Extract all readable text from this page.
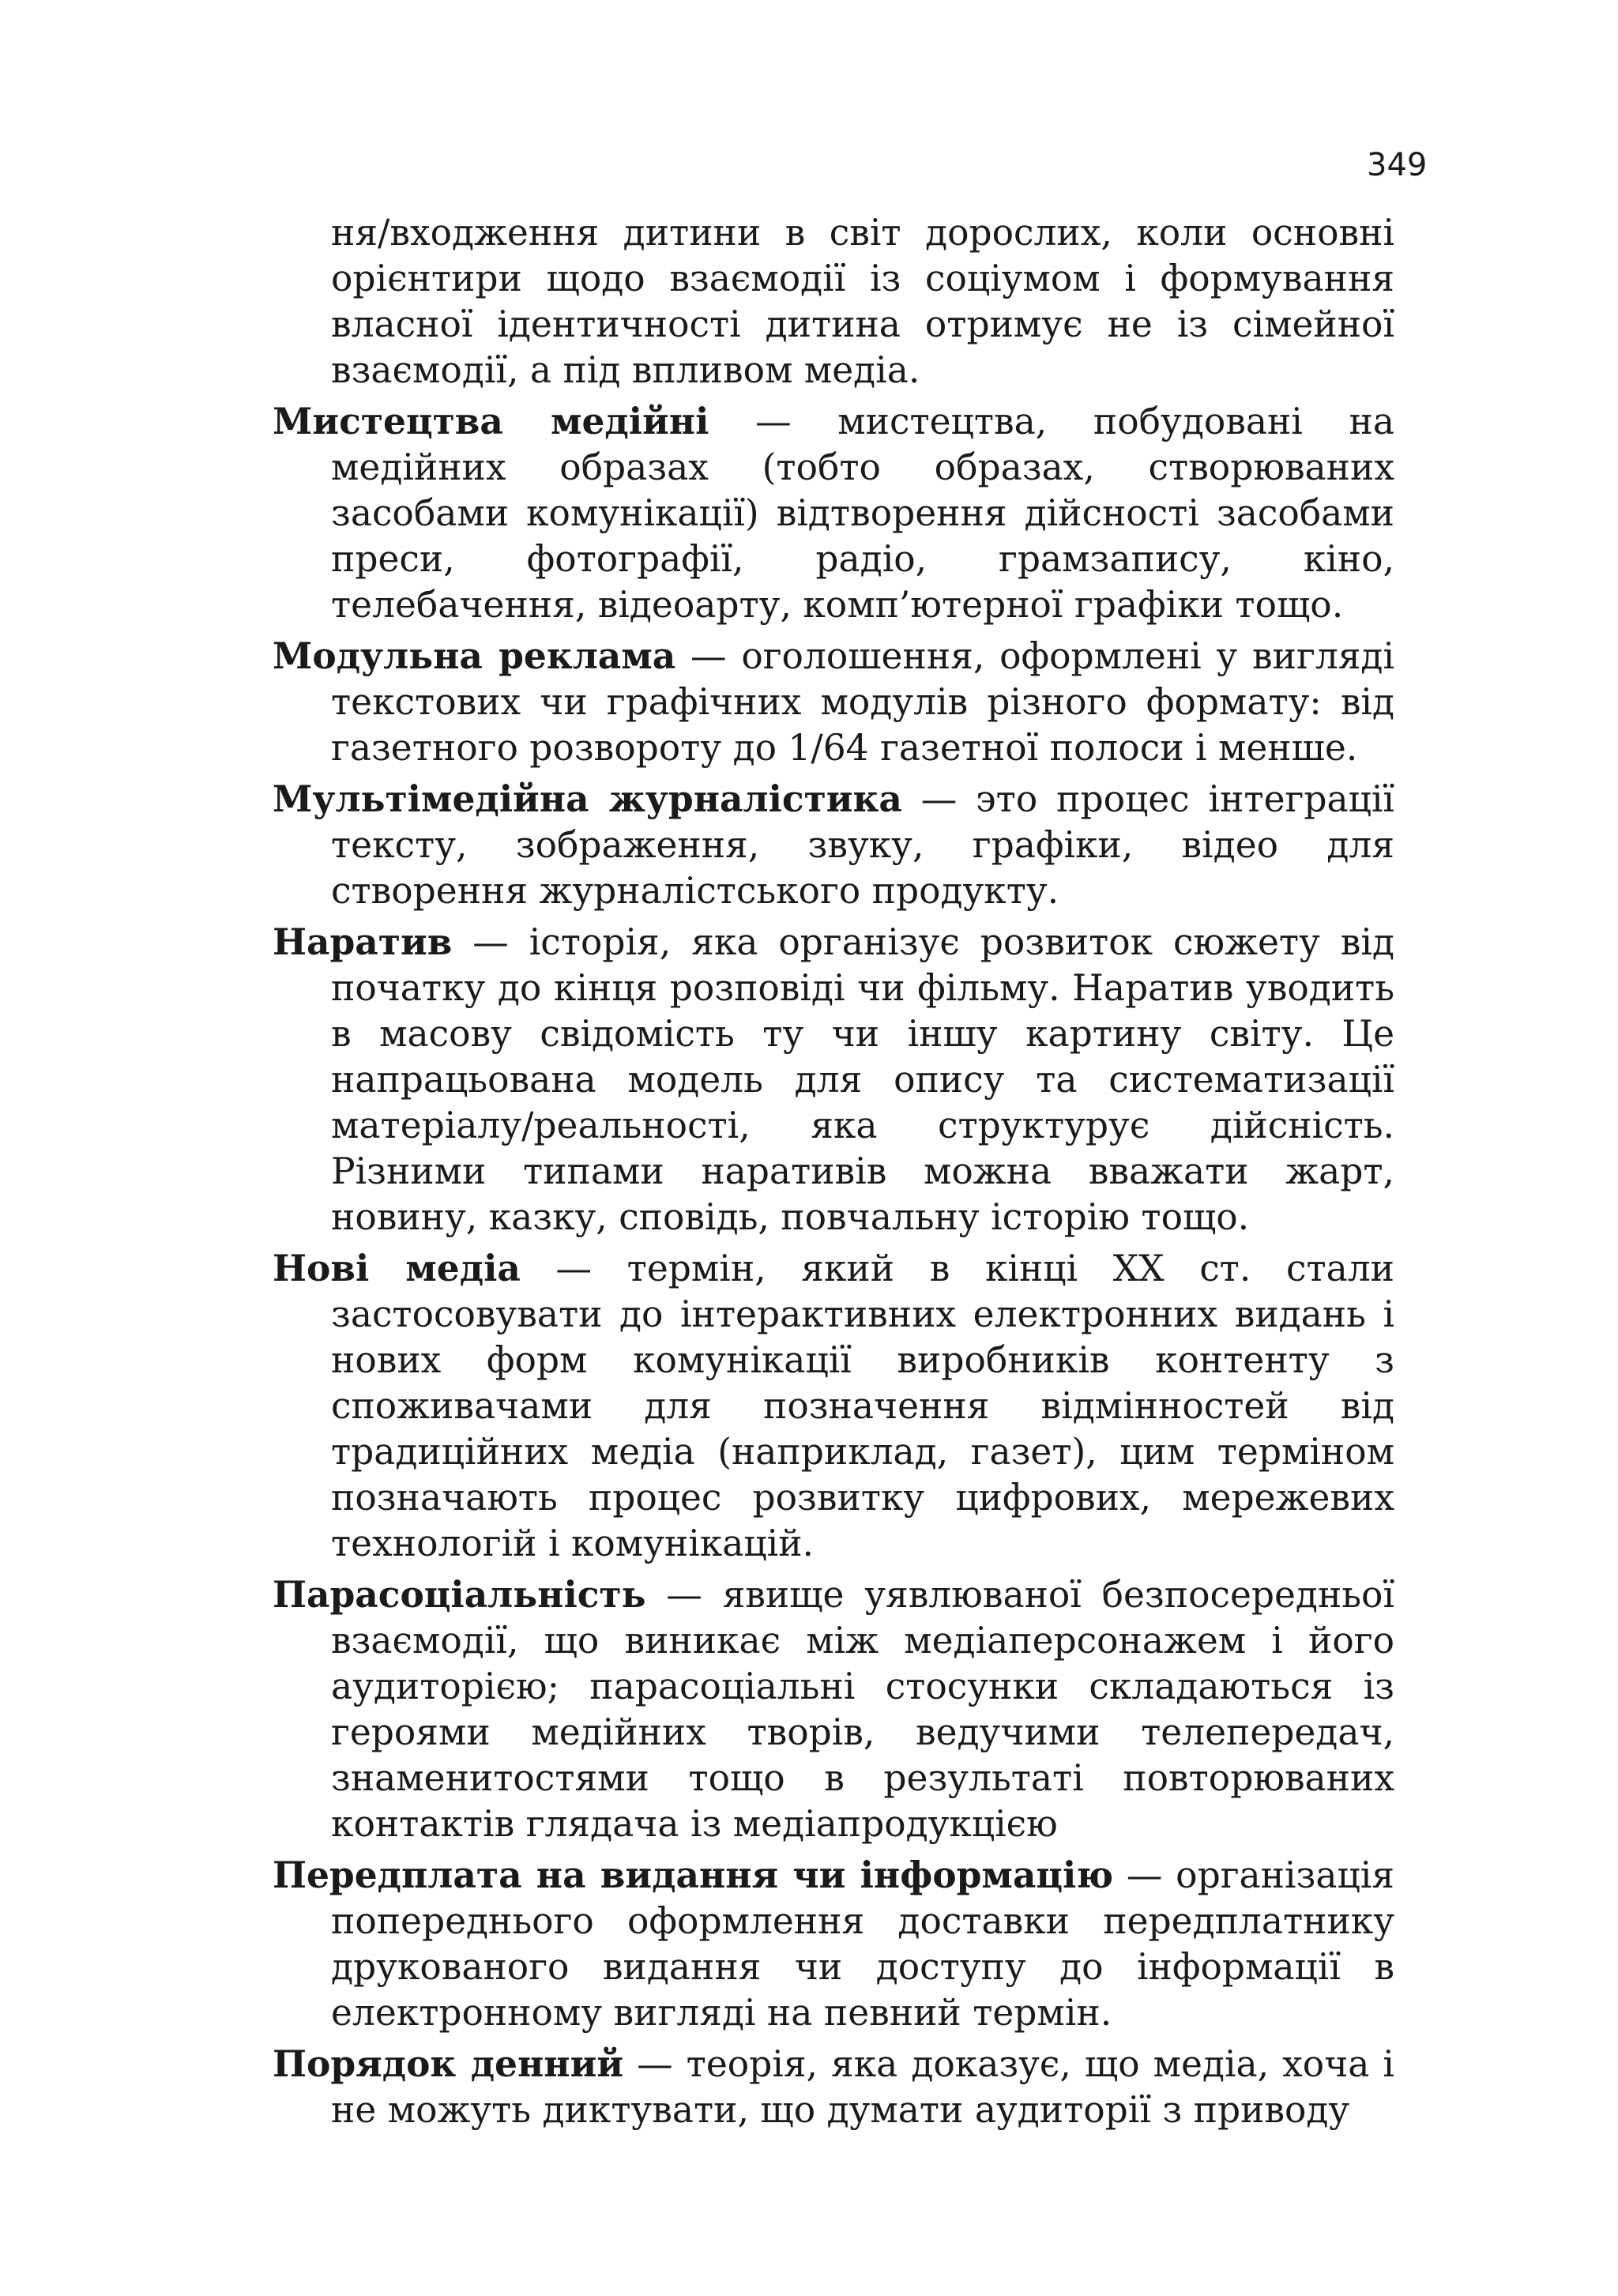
349

ня/входження дитини в світ дорослих, коли основні орієнтири щодо взаємодії із соціумом і формування власної ідентичності дитина отримує не із сімейної взаємодії, а під впливом медіа.

Мистецтва медійні — мистецтва, побудовані на медійних образах (тобто образах, створюваних засобами комунікації) відтворення дійсності засобами преси, фотографії, радіо, грамзапису, кіно, телебачення, відеоарту, комп’ютерної графіки тощо.

Модульна реклама — оголошення, оформлені у вигляді текстових чи графічних модулів різного формату: від газетного розвороту до 1/64 газетної полоси і менше.

Мультімедійна журналістика — это процес інтеграції тексту, зображення, звуку, графіки, відео для створення журналістського продукту.

Наратив — історія, яка організує розвиток сюжету від початку до кінця розповіді чи фільму. Наратив уводить в масову свідомість ту чи іншу картину світу. Це напрацьована модель для опису та систематизації матеріалу/реальності, яка структурує дійсність. Різними типами наративів можна вважати жарт, новину, казку, сповідь, повчальну історію тощо.

Нові медіа — термін, який в кінці XX ст. стали застосовувати до інтерактивних електронних видань і нових форм комунікації виробників контенту з споживачами для позначення відмінностей від традиційних медіа (наприклад, газет), цим терміном позначають процес розвитку цифрових, мережевих технологій і комунікацій.

Парасоціальність — явище уявлюваної безпосередньої взаємодії, що виникає між медіаперсонажем і його аудиторією; парасоціальні стосунки складаються із героями медійних творів, ведучими телепередач, знаменитостями тощо в результаті повторюваних контактів глядача із медіапродукцією

Передплата на видання чи інформацію — організація попереднього оформлення доставки передплатнику друкованого видання чи доступу до інформації в електронному вигляді на певний термін.

Порядок денний — теорія, яка доказує, що медіа, хоча і не можуть диктувати, що думати аудиторії з приводу
